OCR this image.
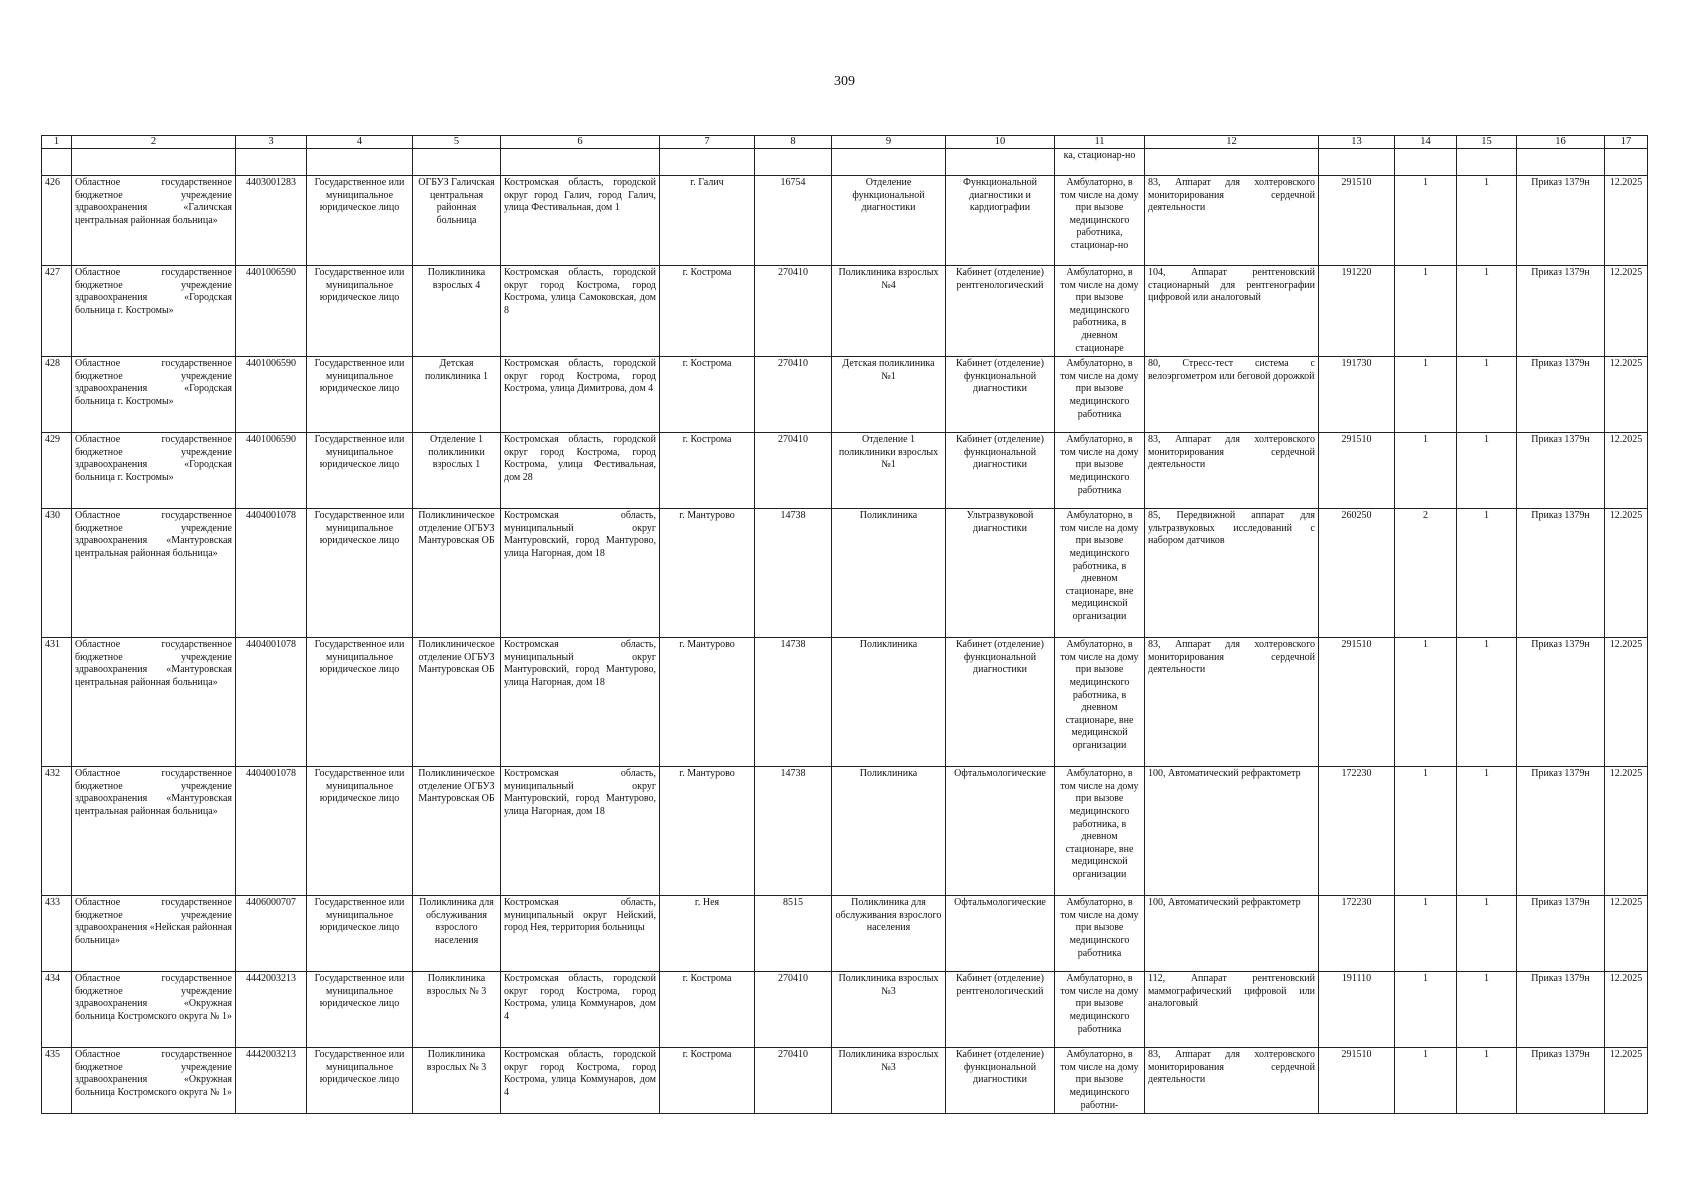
309
1	2	3	4	5	6	7	8	9	10	11	12	13	14	15	16	17
										ка, стационар-но						
426	Областное государственное бюджетное учреждение здравоохранения «Галичская центральная районная больница»	4403001283	Государственное или муниципальное юридическое лицо	ОГБУЗ Галичская центральная районная больница	Костромская область, городской округ город Галич, город Галич, улица Фестивальная, дом 1	г. Галич	16754	Отделение функциональной диагностики	Функциональной диагностики и кардиографии	Амбулаторно, в том числе на дому при вызове медицинского работника, стационар-но	83, Аппарат для холтеровского мониторирования сердечной деятельности	291510	1	1	Приказ 1379н	12.2025
427	Областное государственное бюджетное учреждение здравоохранения «Городская больница г. Костромы»	4401006590	Государственное или муниципальное юридическое лицо	Поликлиника взрослых 4	Костромская область, городской округ город Кострома, город Кострома, улица Самоковская, дом 8	г. Кострома	270410	Поликлиника взрослых №4	Кабинет (отделение) рентгенологический	Амбулаторно, в том числе на дому при вызове медицинского работника, в дневном стационаре	104, Аппарат рентгеновский стационарный для рентгенографии цифровой или аналоговый	191220	1	1	Приказ 1379н	12.2025
428	Областное государственное бюджетное учреждение здравоохранения «Городская больница г. Костромы»	4401006590	Государственное или муниципальное юридическое лицо	Детская поликлиника 1	Костромская область, городской округ город Кострома, город Кострома, улица Димитрова, дом 4	г. Кострома	270410	Детская поликлиника №1	Кабинет (отделение) функциональной диагностики	Амбулаторно, в том числе на дому при вызове медицинского работника	80, Стресс-тест система с велоэргометром или беговой дорожкой	191730	1	1	Приказ 1379н	12.2025
429	Областное государственное бюджетное учреждение здравоохранения «Городская больница г. Костромы»	4401006590	Государственное или муниципальное юридическое лицо	Отделение 1 поликлиники взрослых 1	Костромская область, городской округ город Кострома, город Кострома, улица Фестивальная, дом 28	г. Кострома	270410	Отделение 1 поликлиники взрослых №1	Кабинет (отделение) функциональной диагностики	Амбулаторно, в том числе на дому при вызове медицинского работника	83, Аппарат для холтеровского мониторирования сердечной деятельности	291510	1	1	Приказ 1379н	12.2025
430	Областное государственное бюджетное учреждение здравоохранения «Мантуровская центральная районная больница»	4404001078	Государственное или муниципальное юридическое лицо	Поликлиническое отделение ОГБУЗ Мантуровская ОБ	Костромская область, муниципальный округ Мантуровский, город Мантурово, улица Нагорная, дом 18	г. Мантурово	14738	Поликлиника	Ультразвуковой диагностики	Амбулаторно, в том числе на дому при вызове медицинского работника, в дневном стационаре, вне медицинской организации	85, Передвижной аппарат для ультразвуковых исследований с набором датчиков	260250	2	1	Приказ 1379н	12.2025
431	Областное государственное бюджетное учреждение здравоохранения «Мантуровская центральная районная больница»	4404001078	Государственное или муниципальное юридическое лицо	Поликлиническое отделение ОГБУЗ Мантуровская ОБ	Костромская область, муниципальный округ Мантуровский, город Мантурово, улица Нагорная, дом 18	г. Мантурово	14738	Поликлиника	Кабинет (отделение) функциональной диагностики	Амбулаторно, в том числе на дому при вызове медицинского работника, в дневном стационаре, вне медицинской организации	83, Аппарат для холтеровского мониторирования сердечной деятельности	291510	1	1	Приказ 1379н	12.2025
432	Областное государственное бюджетное учреждение здравоохранения «Мантуровская центральная районная больница»	4404001078	Государственное или муниципальное юридическое лицо	Поликлиническое отделение ОГБУЗ Мантуровская ОБ	Костромская область, муниципальный округ Мантуровский, город Мантурово, улица Нагорная, дом 18	г. Мантурово	14738	Поликлиника	Офтальмологические	Амбулаторно, в том числе на дому при вызове медицинского работника, в дневном стационаре, вне медицинской организации	100, Автоматический рефрактометр	172230	1	1	Приказ 1379н	12.2025
433	Областное государственное бюджетное учреждение здравоохранения «Нейская районная больница»	4406000707	Государственное или муниципальное юридическое лицо	Поликлиника для обслуживания взрослого населения	Костромская область, муниципальный округ Нейский, город Нея, территория больницы	г. Нея	8515	Поликлиника для обслуживания взрослого населения	Офтальмологические	Амбулаторно, в том числе на дому при вызове медицинского работника	100, Автоматический рефрактометр	172230	1	1	Приказ 1379н	12.2025
434	Областное государственное бюджетное учреждение здравоохранения «Окружная больница Костромского округа № 1»	4442003213	Государственное или муниципальное юридическое лицо	Поликлиника взрослых № 3	Костромская область, городской округ город Кострома, город Кострома, улица Коммунаров, дом 4	г. Кострома	270410	Поликлиника взрослых №3	Кабинет (отделение) рентгенологический	Амбулаторно, в том числе на дому при вызове медицинского работника	112, Аппарат рентгеновский маммографический цифровой или аналоговый	191110	1	1	Приказ 1379н	12.2025
435	Областное государственное бюджетное учреждение здравоохранения «Окружная больница Костромского округа № 1»	4442003213	Государственное или муниципальное юридическое лицо	Поликлиника взрослых № 3	Костромская область, городской округ город Кострома, город Кострома, улица Коммунаров, дом 4	г. Кострома	270410	Поликлиника взрослых №3	Кабинет (отделение) функциональной диагностики	Амбулаторно, в том числе на дому при вызове медицинского работни-	83, Аппарат для холтеровского мониторирования сердечной деятельности	291510	1	1	Приказ 1379н	12.2025
